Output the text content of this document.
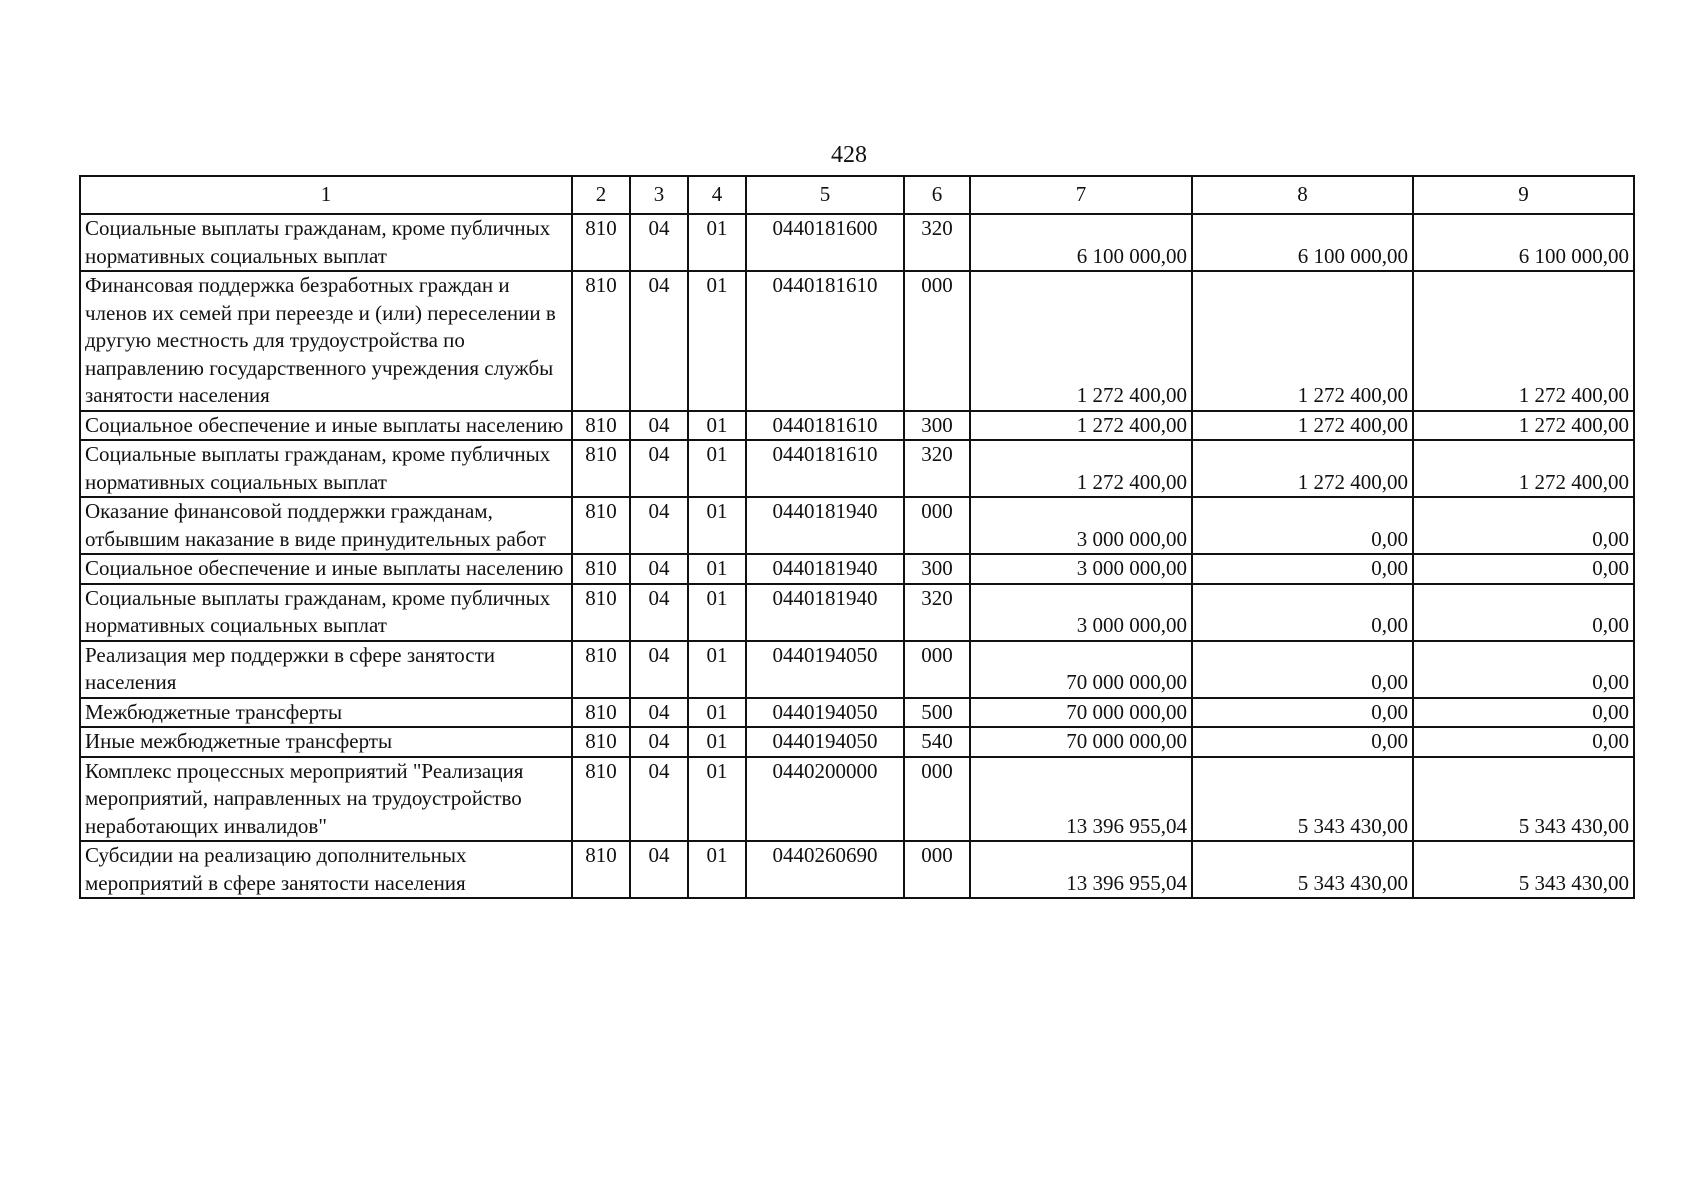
428
1	2	3	4	5	6	7	8	9
Социальные выплаты гражданам, кроме публичных нормативных социальных выплат	810	04	01	0440181600	320	6 100 000,00	6 100 000,00	6 100 000,00
Финансовая поддержка безработных граждан и членов их семей при переезде и (или) переселении в другую местность для трудоустройства по направлению государственного учреждения службы занятости населения	810	04	01	0440181610	000	1 272 400,00	1 272 400,00	1 272 400,00
Социальное обеспечение и иные выплаты населению	810	04	01	0440181610	300	1 272 400,00	1 272 400,00	1 272 400,00
Социальные выплаты гражданам, кроме публичных нормативных социальных выплат	810	04	01	0440181610	320	1 272 400,00	1 272 400,00	1 272 400,00
Оказание финансовой поддержки гражданам, отбывшим наказание в виде принудительных работ	810	04	01	0440181940	000	3 000 000,00	0,00	0,00
Социальное обеспечение и иные выплаты населению	810	04	01	0440181940	300	3 000 000,00	0,00	0,00
Социальные выплаты гражданам, кроме публичных нормативных социальных выплат	810	04	01	0440181940	320	3 000 000,00	0,00	0,00
Реализация мер поддержки в сфере занятости населения	810	04	01	0440194050	000	70 000 000,00	0,00	0,00
Межбюджетные трансферты	810	04	01	0440194050	500	70 000 000,00	0,00	0,00
Иные межбюджетные трансферты	810	04	01	0440194050	540	70 000 000,00	0,00	0,00
Комплекс процессных мероприятий "Реализация мероприятий, направленных на трудоустройство неработающих инвалидов"	810	04	01	0440200000	000	13 396 955,04	5 343 430,00	5 343 430,00
Субсидии на реализацию дополнительных мероприятий в сфере занятости населения	810	04	01	0440260690	000	13 396 955,04	5 343 430,00	5 343 430,00
